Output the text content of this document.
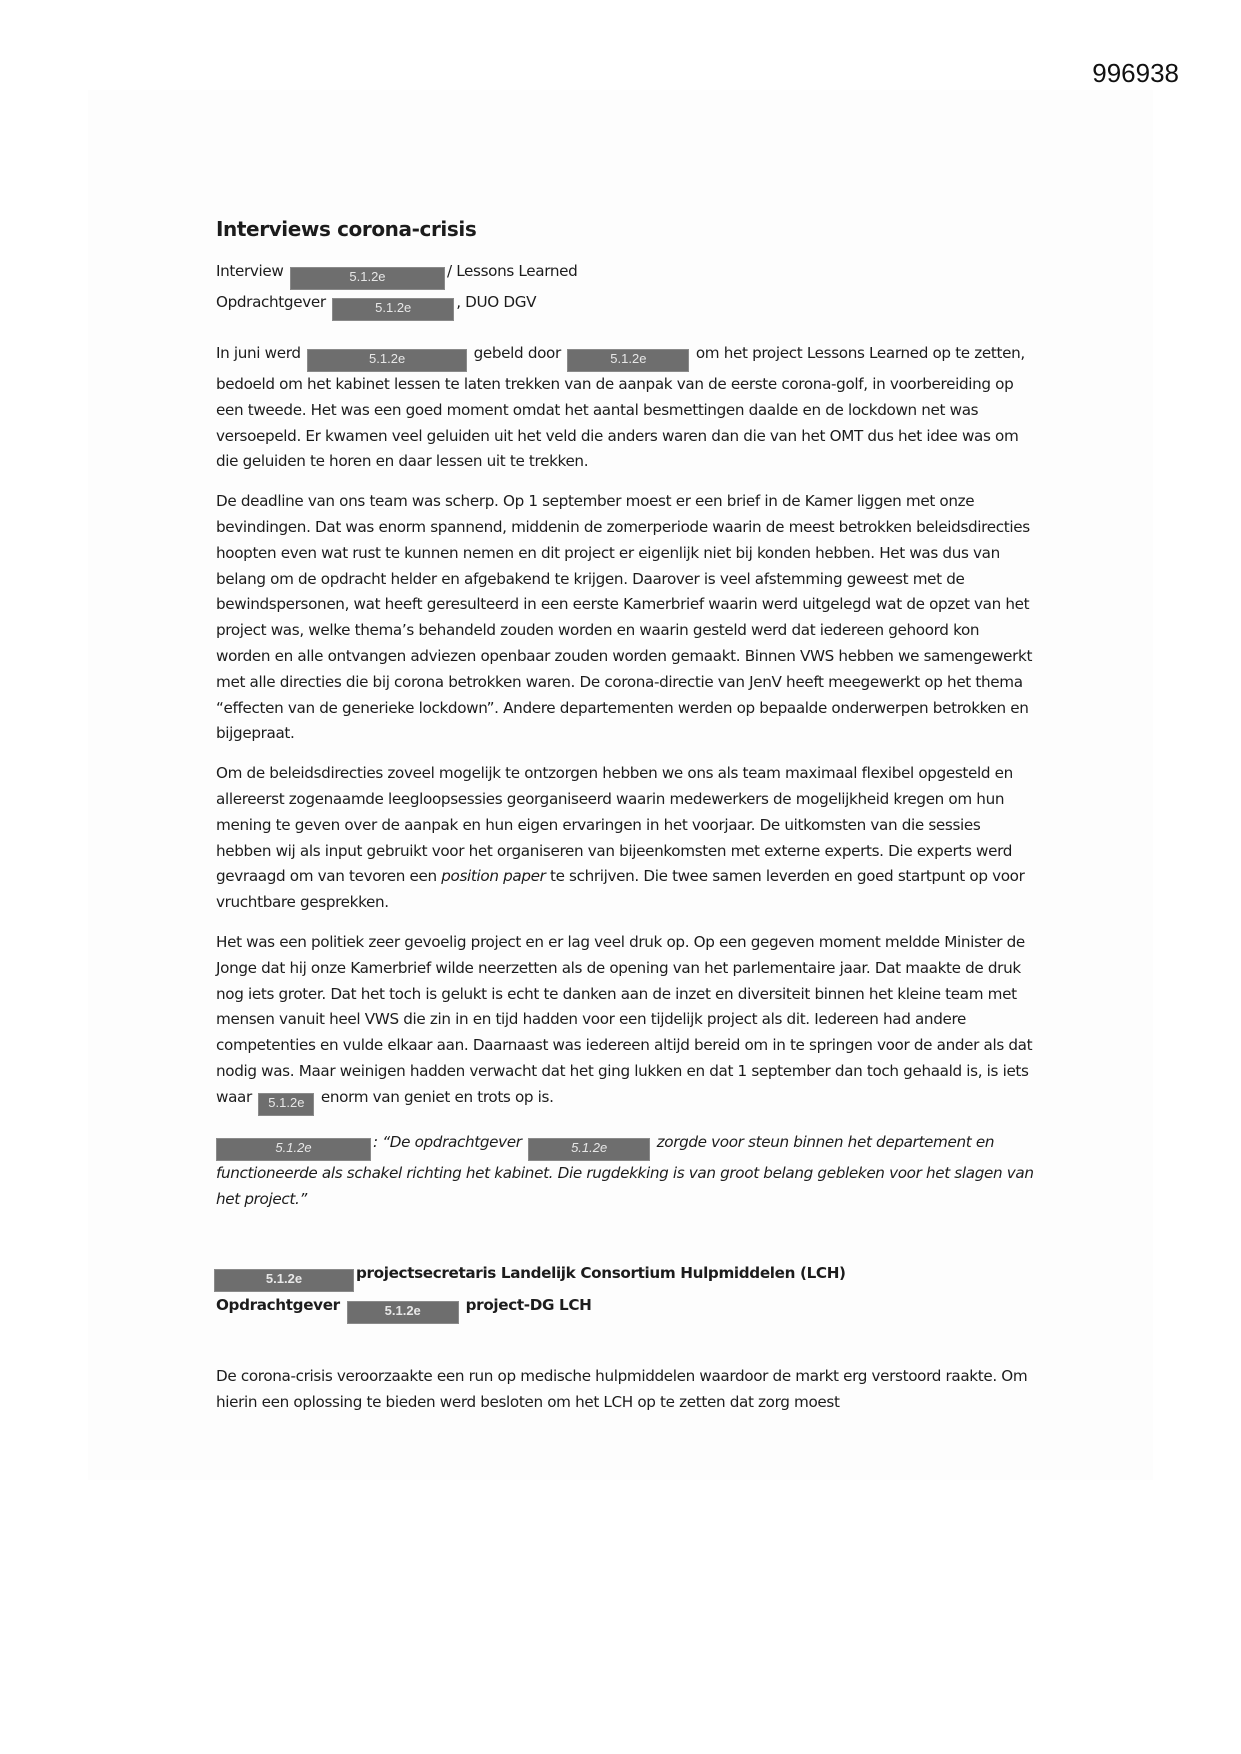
996938
Interviews corona-crisis
Interview	5.1.2e	/ Lessons Learned
Opdrachtgever	5.1.2e	, DUO DGV

In juni werd	5.1.2e	gebeld door	5.1.2e	om het project Lessons Learned op te zetten, bedoeld om het kabinet lessen te laten trekken van de aanpak van de eerste corona-golf, in voorbereiding op een tweede. Het was een goed moment omdat het aantal besmettingen daalde en de lockdown net was versoepeld. Er kwamen veel geluiden uit het veld die anders waren dan die van het OMT dus het idee was om die geluiden te horen en daar lessen uit te trekken.

De deadline van ons team was scherp. Op 1 september moest er een brief in de Kamer liggen met onze bevindingen. Dat was enorm spannend, middenin de zomerperiode waarin de meest betrokken beleidsdirecties hoopten even wat rust te kunnen nemen en dit project er eigenlijk niet bij konden hebben. Het was dus van belang om de opdracht helder en afgebakend te krijgen. Daarover is veel afstemming geweest met de bewindspersonen, wat heeft geresulteerd in een eerste Kamerbrief waarin werd uitgelegd wat de opzet van het project was, welke thema’s behandeld zouden worden en waarin gesteld werd dat iedereen gehoord kon worden en alle ontvangen adviezen openbaar zouden worden gemaakt. Binnen VWS hebben we samengewerkt met alle directies die bij corona betrokken waren. De corona-directie van JenV heeft meegewerkt op het thema “effecten van de generieke lockdown”. Andere departementen werden op bepaalde onderwerpen betrokken en bijgepraat.

Om de beleidsdirecties zoveel mogelijk te ontzorgen hebben we ons als team maximaal flexibel opgesteld en allereerst zogenaamde leegloopsessies georganiseerd waarin medewerkers de mogelijkheid kregen om hun mening te geven over de aanpak en hun eigen ervaringen in het voorjaar. De uitkomsten van die sessies hebben wij als input gebruikt voor het organiseren van bijeenkomsten met externe experts. Die experts werd gevraagd om van tevoren een position paper te schrijven. Die twee samen leverden en goed startpunt op voor vruchtbare gesprekken.

Het was een politiek zeer gevoelig project en er lag veel druk op. Op een gegeven moment meldde Minister de Jonge dat hij onze Kamerbrief wilde neerzetten als de opening van het parlementaire jaar. Dat maakte de druk nog iets groter. Dat het toch is gelukt is echt te danken aan de inzet en diversiteit binnen het kleine team met mensen vanuit heel VWS die zin in en tijd hadden voor een tijdelijk project als dit. Iedereen had andere competenties en vulde elkaar aan. Daarnaast was iedereen altijd bereid om in te springen voor de ander als dat nodig was. Maar weinigen hadden verwacht dat het ging lukken en dat 1 september dan toch gehaald is, is iets waar 5.1.2e enorm van geniet en trots op is.

5.1.2e	: “De opdrachtgever	5.1.2e	zorgde voor steun binnen het departement en functioneerde als schakel richting het kabinet. Die rugdekking is van groot belang gebleken voor het slagen van het project.”

5.1.2e	projectsecretaris Landelijk Consortium Hulpmiddelen (LCH)
Opdrachtgever	5.1.2e	project-DG LCH

De corona-crisis veroorzaakte een run op medische hulpmiddelen waardoor de markt erg verstoord raakte. Om hierin een oplossing te bieden werd besloten om het LCH op te zetten dat zorg moest
